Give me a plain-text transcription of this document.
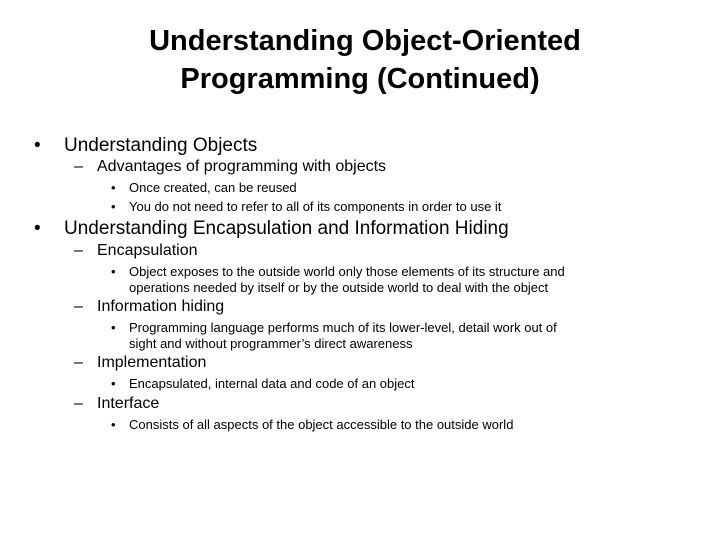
Understanding Object-Oriented
Programming (Continued)
• Understanding Objects
– Advantages of programming with objects
• Once created, can be reused
• You do not need to refer to all of its components in order to use it
• Understanding Encapsulation and Information Hiding
– Encapsulation
• Object exposes to the outside world only those elements of its structure and
operations needed by itself or by the outside world to deal with the object
– Information hiding
• Programming language performs much of its lower-level, detail work out of
sight and without programmer’s direct awareness
– Implementation
• Encapsulated, internal data and code of an object
– Interface
• Consists of all aspects of the object accessible to the outside world
